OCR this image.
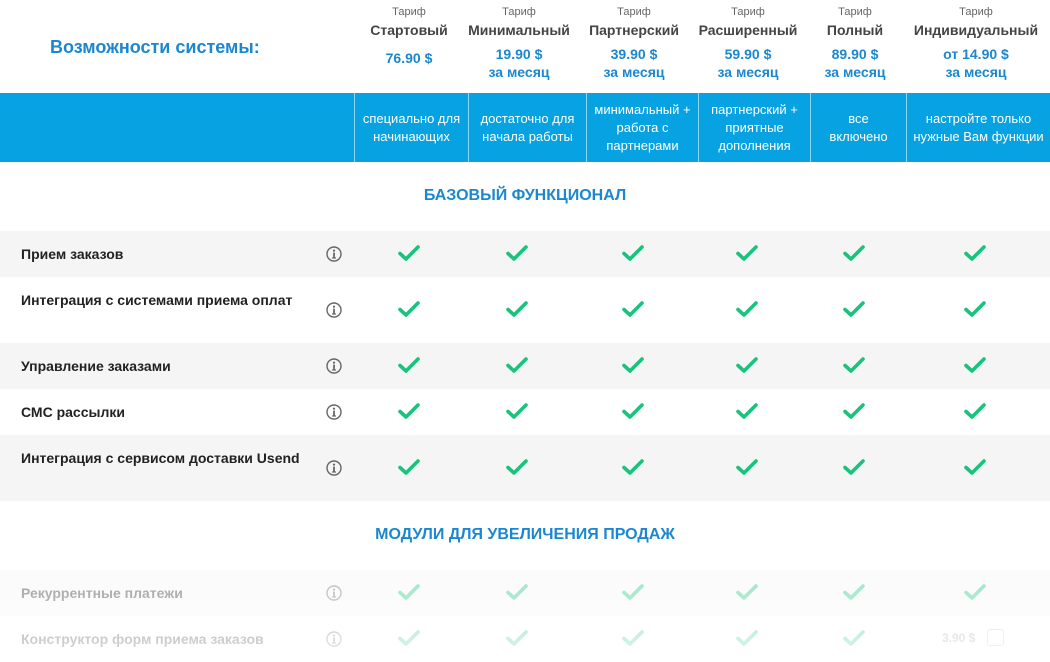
Возможности системы:
Тариф
Стартовый
76.90 $
Тариф
Минимальный
19.90 $
за месяц
Тариф
Партнерский
39.90 $
за месяц
Тариф
Расширенный
59.90 $
за месяц
Тариф
Полный
89.90 $
за месяц
Тариф
Индивидуальный
от 14.90 $
за месяц
специально для начинающих
достаточно для начала работы
минимальный + работа с партнерами
партнерский + приятные дополнения
все включено
настройте только нужные Вам функции
БАЗОВЫЙ ФУНКЦИОНАЛ
Прием заказов
Интеграция с системами приема оплат
Управление заказами
СМС рассылки
Интеграция с сервисом доставки Usend
МОДУЛИ ДЛЯ УВЕЛИЧЕНИЯ ПРОДАЖ
